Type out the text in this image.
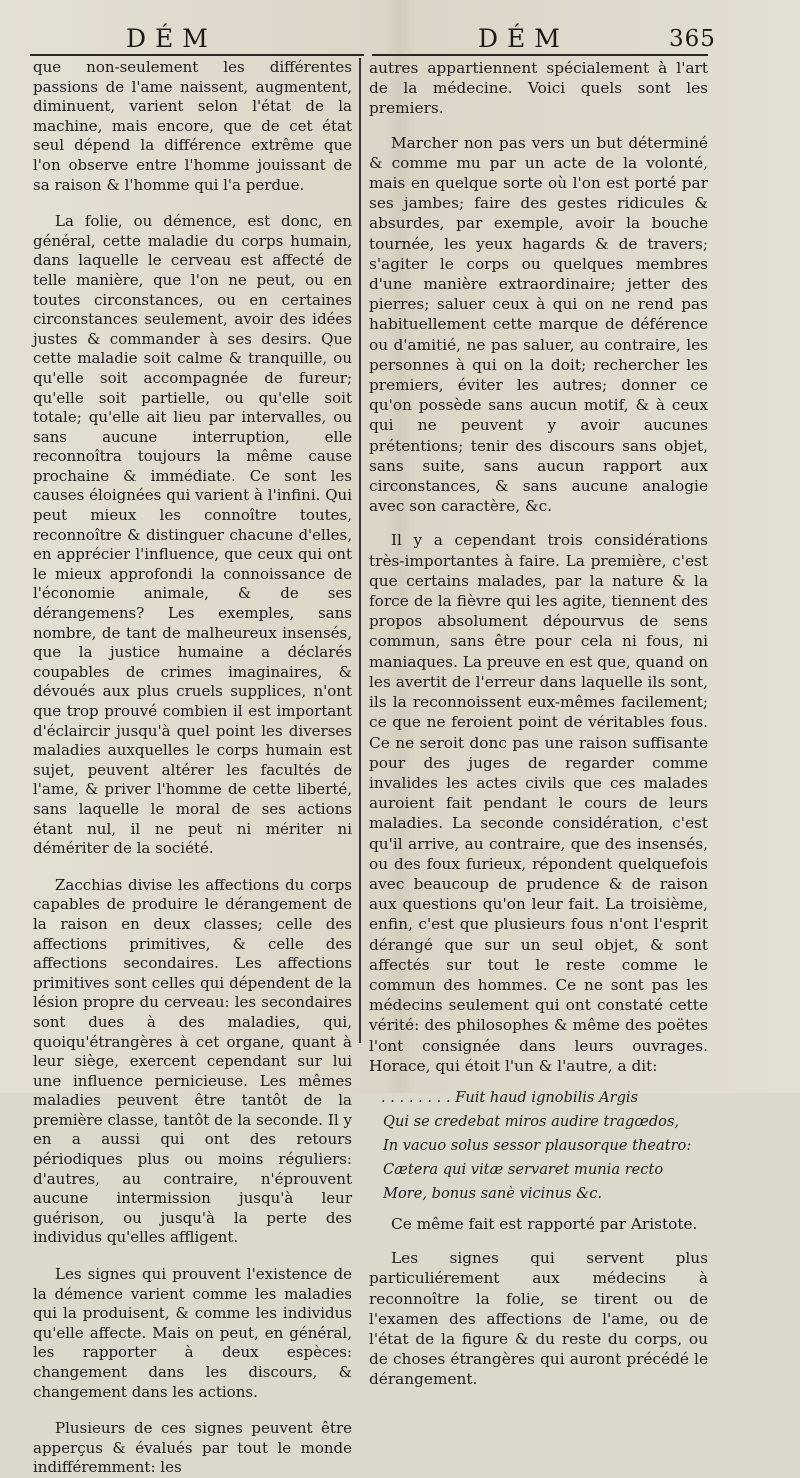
DÉM	DÉM	365

que non-seulement les différentes passions de l'ame naissent, augmentent, diminuent, varient selon l'état de la machine, mais encore, que de cet état seul dépend la différence extrême que l'on observe entre l'homme jouissant de sa raison & l'homme qui l'a perdue.

La folie, ou démence, est donc, en général, cette maladie du corps humain, dans laquelle le cerveau est affecté de telle manière, que l'on ne peut, ou en toutes circonstances, ou en certaines circonstances seulement, avoir des idées justes & commander à ses desirs. Que cette maladie soit calme & tranquille, ou qu'elle soit accompagnée de fureur; qu'elle soit partielle, ou qu'elle soit totale; qu'elle ait lieu par intervalles, ou sans aucune interruption, elle reconnoîtra toujours la même cause prochaine & immédiate. Ce sont les causes éloignées qui varient à l'infini. Qui peut mieux les connoître toutes, reconnoître & distinguer chacune d'elles, en apprécier l'influence, que ceux qui ont le mieux approfondi la connoissance de l'économie animale, & de ses dérangemens? Les exemples, sans nombre, de tant de malheureux insensés, que la justice humaine a déclarés coupables de crimes imaginaires, & dévoués aux plus cruels supplices, n'ont que trop prouvé combien il est important d'éclaircir jusqu'à quel point les diverses maladies auxquelles le corps humain est sujet, peuvent altérer les facultés de l'ame, & priver l'homme de cette liberté, sans laquelle le moral de ses actions étant nul, il ne peut ni mériter ni démériter de la société.

Zacchias divise les affections du corps capables de produire le dérangement de la raison en deux classes; celle des affections primitives, & celle des affections secondaires. Les affections primitives sont celles qui dépendent de la lésion propre du cerveau: les secondaires sont dues à des maladies, qui, quoiqu'étrangères à cet organe, quant à leur siège, exercent cependant sur lui une influence pernicieuse. Les mêmes maladies peuvent être tantôt de la première classe, tantôt de la seconde. Il y en a aussi qui ont des retours périodiques plus ou moins réguliers: d'autres, au contraire, n'éprouvent aucune intermission jusqu'à leur guérison, ou jusqu'à la perte des individus qu'elles affligent.

Les signes qui prouvent l'existence de la démence varient comme les maladies qui la produisent, & comme les individus qu'elle affecte. Mais on peut, en général, les rapporter à deux espèces: changement dans les discours, & changement dans les actions.

Plusieurs de ces signes peuvent être apperçus & évalués par tout le monde indifféremment: les

autres appartiennent spécialement à l'art de la médecine. Voici quels sont les premiers.

Marcher non pas vers un but déterminé & comme mu par un acte de la volonté, mais en quelque sorte où l'on est porté par ses jambes; faire des gestes ridicules & absurdes, par exemple, avoir la bouche tournée, les yeux hagards & de travers; s'agiter le corps ou quelques membres d'une manière extraordinaire; jetter des pierres; saluer ceux à qui on ne rend pas habituellement cette marque de déférence ou d'amitié, ne pas saluer, au contraire, les personnes à qui on la doit; rechercher les premiers, éviter les autres; donner ce qu'on possède sans aucun motif, & à ceux qui ne peuvent y avoir aucunes prétentions; tenir des discours sans objet, sans suite, sans aucun rapport aux circonstances, & sans aucune analogie avec son caractère, &c.

Il y a cependant trois considérations très-importantes à faire. La première, c'est que certains malades, par la nature & la force de la fièvre qui les agite, tiennent des propos absolument dépourvus de sens commun, sans être pour cela ni fous, ni maniaques. La preuve en est que, quand on les avertit de l'erreur dans laquelle ils sont, ils la reconnoissent eux-mêmes facilement; ce que ne feroient point de véritables fous. Ce ne seroit donc pas une raison suffisante pour des juges de regarder comme invalides les actes civils que ces malades auroient fait pendant le cours de leurs maladies. La seconde considération, c'est qu'il arrive, au contraire, que des insensés, ou des foux furieux, répondent quelquefois avec beaucoup de prudence & de raison aux questions qu'on leur fait. La troisième, enfin, c'est que plusieurs fous n'ont l'esprit dérangé que sur un seul objet, & sont affectés sur tout le reste comme le commun des hommes. Ce ne sont pas les médecins seulement qui ont constaté cette vérité: des philosophes & même des poëtes l'ont consignée dans leurs ouvrages. Horace, qui étoit l'un & l'autre, a dit:

. . . . . . . . Fuit haud ignobilis Argis
Qui se credebat miros audire tragœdos,
In vacuo solus sessor plausorque theatro:
Cætera qui vitæ servaret munia recto
More, bonus sanè vicinus &c.

Ce même fait est rapporté par Aristote.

Les signes qui servent plus particuliérement aux médecins à reconnoître la folie, se tirent ou de l'examen des affections de l'ame, ou de l'état de la figure & du reste du corps, ou de choses étrangères qui auront précédé le dérangement.
